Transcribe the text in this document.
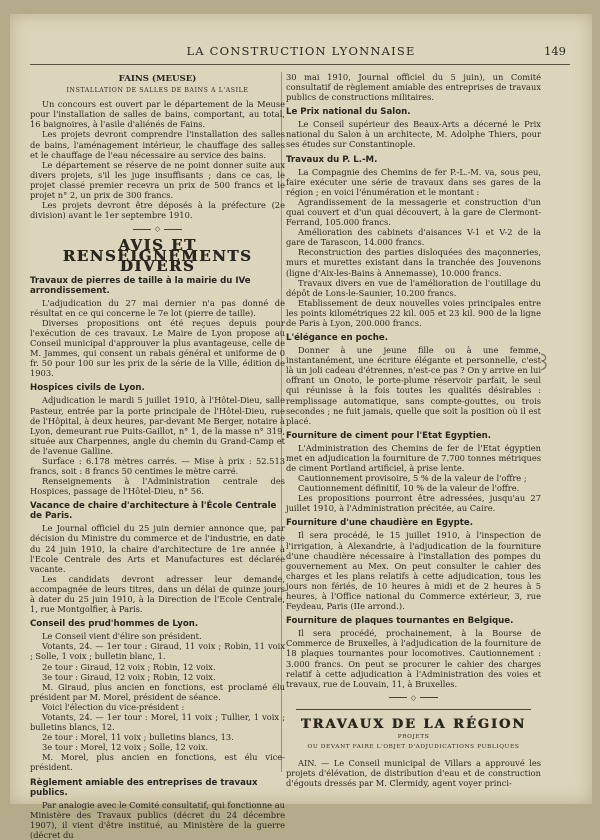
LA CONSTRUCTION LYONNAISE	149
FAINS (MEUSE)
INSTALLATION DE SALLES DE BAINS A L'ASILE

Un concours est ouvert par le département de la Meuse pour l'installation de salles de bains, comportant, au total, 16 baignoires, à l'asile d'aliénés de Fains.

Les projets devront comprendre l'installation des salles de bains, l'aménagement intérieur, le chauffage des salles et le chauffage de l'eau nécessaire au service des bains.

Le département se réserve de ne point donner suite aux divers projets, s'il les juge insuffisants ; dans ce cas, le projet classé premier recevra un prix de 500 francs et le projet n° 2, un prix de 300 francs.

Les projets devront être déposés à la préfecture (2e division) avant le 1er septembre 1910.

◇
AVIS ET RENSEIGNEMENTS DIVERS
Travaux de pierres de taille à la mairie du IVe arrondissement.

L'adjudication du 27 mai dernier n'a pas donné de résultat en ce qui concerne le 7e lot (pierre de taille).

Diverses propositions ont été reçues depuis pour l'exécution de ces travaux. Le Maire de Lyon propose au Conseil municipal d'approuver la plus avantageuse, celle de M. Jammes, qui consent un rabais général et uniforme de 0 fr. 50 pour 100 sur les prix de la série de la Ville, édition de 1903.

Hospices civils de Lyon.

Adjudication le mardi 5 juillet 1910, à l'Hôtel-Dieu, salle Pasteur, entrée par la porte principale de l'Hôtel-Dieu, rue de l'Hôpital, à deux heures, par-devant Me Berger, notaire à Lyon, demeurant rue Puits-Gaillot, n° 1, de la masse n° 319, située aux Charpennes, angle du chemin du Grand-Camp et de l'avenue Galline.

Surface : 6.178 mètres carrés. — Mise à prix : 52.513 francs, soit : 8 francs 50 centimes le mètre carré.

Renseignements à l'Administration centrale des Hospices, passage de l'Hôtel-Dieu, n° 56.

Vacance de chaire d'architecture à l'École Centrale de Paris.

Le Journal officiel du 25 juin dernier annonce que, par décision du Ministre du commerce et de l'industrie, en date du 24 juin 1910, la chaire d'architecture de 1re année à l'Ecole Centrale des Arts et Manufactures est déclarée vacante.

Les candidats devront adresser leur demande, accompagnée de leurs titres, dans un délai de quinze jours à dater du 25 juin 1910, à la Direction de l'Ecole Centrale, 1, rue Montgolfier, à Paris.

Conseil des prud'hommes de Lyon.

Le Conseil vient d'élire son président.

Votants, 24. — 1er tour : Giraud, 11 voix ; Robin, 11 voix ; Solle, 1 voix ; bulletin blanc, 1.

2e tour : Giraud, 12 voix ; Robin, 12 voix.

3e tour : Giraud, 12 voix ; Robin, 12 voix.

M. Giraud, plus ancien en fonctions, est proclamé élu président par M. Morel, président de séance.

Voici l'élection du vice-président :

Votants, 24. — 1er tour : Morel, 11 voix ; Tullier, 1 voix ; bulletins blancs, 12.

2e tour : Morel, 11 voix ; bulletins blancs, 13.

3e tour : Morel, 12 voix ; Solle, 12 voix.

M. Morel, plus ancien en fonctions, est élu vice-président.

Règlement amiable des entreprises de travaux publics.

Par analogie avec le Comité consultatif, qui fonctionne au Ministère des Travaux publics (décret du 24 décembre 1907), il vient d'être institué, au Ministère de la guerre (décret du

30 mai 1910, Journal officiel du 5 juin), un Comité consultatif de règlement amiable des entreprises de travaux publics de constructions militaires.

Le Prix national du Salon.

Le Conseil supérieur des Beaux-Arts a décerné le Prix national du Salon à un architecte, M. Adolphe Thiers, pour ses études sur Constantinople.

Travaux du P. L.-M.

La Compagnie des Chemins de fer P.-L.-M. va, sous peu, faire exécuter une série de travaux dans ses gares de la région ; en voici l'énumération et le montant :

Agrandissement de la messagerie et construction d'un quai couvert et d'un quai découvert, à la gare de Clermont-Ferrand, 105.000 francs.

Amélioration des cabinets d'aisances V-1 et V-2 de la gare de Tarascon, 14.000 francs.

Reconstruction des parties disloquées des maçonneries, murs et murettes existant dans la tranchée des Jouvenons (ligne d'Aix-les-Bains à Annemasse), 10.000 francs.

Travaux divers en vue de l'amélioration de l'outillage du dépôt de Lons-le-Saunier, 10.200 francs.

Etablissement de deux nouvelles voies principales entre les points kilométriques 22 kil. 005 et 23 kil. 900 de la ligne de Paris à Lyon, 200.000 francs.

L'élégance en poche.

Donner à une jeune fille ou à une femme, instantanément, une écriture élégante et personnelle, c'est là un joli cadeau d'étrennes, n'est-ce pas ? On y arrive en lui offrant un Onoto, le porte-plume réservoir parfait, le seul qui réunisse à la fois toutes les qualités désirables : remplissage automatique, sans compte-gouttes, ou trois secondes ; ne fuit jamais, quelle que soit la position où il est placé.

Fourniture de ciment pour l'Etat Egyptien.

L'Administration des Chemins de fer de l'Etat égyptien met en adjudication la fourniture de 7.700 tonnes métriques de ciment Portland artificiel, à prise lente.

Cautionnement provisoire, 5 % de la valeur de l'offre ;

Cautionnement définitif, 10 % de la valeur de l'offre.

Les propositions pourront être adressées, jusqu'au 27 juillet 1910, à l'Administration précitée, au Caire.

Fourniture d'une chaudière en Egypte.

Il sera procédé, le 15 juillet 1910, à l'inspection de l'irrigation, à Alexandrie, à l'adjudication de la fourniture d'une chaudière nécessaire à l'installation des pompes du gouvernement au Mex. On peut consulter le cahier des charges et les plans relatifs à cette adjudication, tous les jours non fériés, de 10 heures à midi et de 2 heures à 5 heures, à l'Office national du Commerce extérieur, 3, rue Feydeau, Paris (IIe arrond.).

Fourniture de plaques tournantes en Belgique.

Il sera procédé, prochainement, à la Bourse de Commerce de Bruxelles, à l'adjudication de la fourniture de 18 plaques tournantes pour locomotives. Cautionnement : 3.000 francs. On peut se procurer le cahier des charges relatif à cette adjudication à l'Administration des voies et travaux, rue de Louvain, 11, à Bruxelles.

◇
TRAVAUX DE LA RÉGION
PROJETS
OU DEVANT FAIRE L'OBJET D'ADJUDICATIONS PUBLIQUES

AIN. — Le Conseil municipal de Villars a approuvé les projets d'élévation, de distribution d'eau et de construction d'égouts dressés par M. Clermidy, agent voyer princi-
